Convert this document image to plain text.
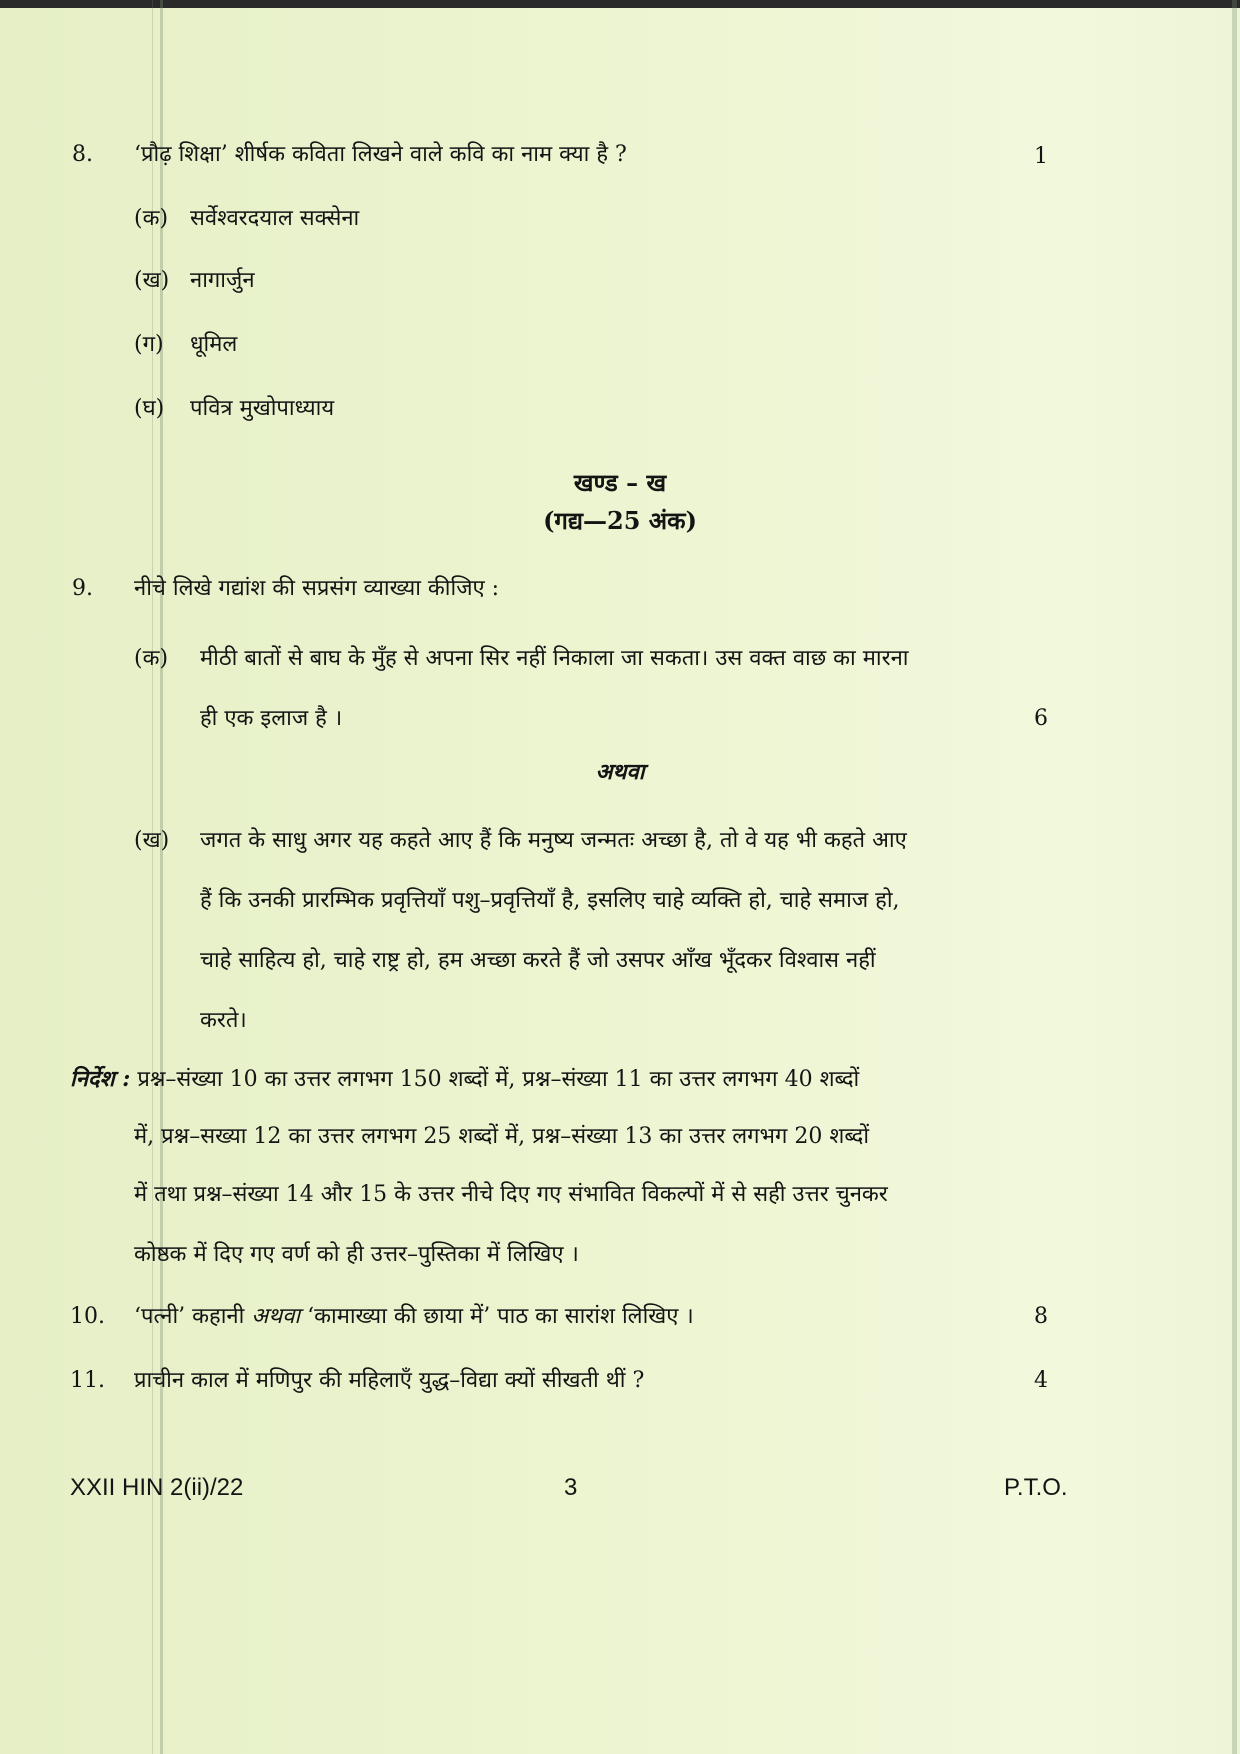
8. ‘प्रौढ़ शिक्षा’ शीर्षक कविता लिखने वाले कवि का नाम क्या है ?	1
(क) सर्वेश्वरदयाल सक्सेना
(ख) नागार्जुन
(ग) धूमिल
(घ) पवित्र मुखोपाध्याय
खण्ड – ख
(गद्य—25 अंक)
9. नीचे लिखे गद्यांश की सप्रसंग व्याख्या कीजिए :
(क) मीठी बातों से बाघ के मुँह से अपना सिर नहीं निकाला जा सकता। उस वक्त वाछ का मारना
ही एक इलाज है ।	6
अथवा
(ख) जगत के साधु अगर यह कहते आए हैं कि मनुष्य जन्मतः अच्छा है, तो वे यह भी कहते आए
हैं कि उनकी प्रारम्भिक प्रवृत्तियाँ पशु–प्रवृत्तियाँ है, इसलिए चाहे व्यक्ति हो, चाहे समाज हो,
चाहे साहित्य हो, चाहे राष्ट्र हो, हम अच्छा करते हैं जो उसपर आँख भूँदकर विश्वास नहीं
करते।
निर्देश : प्रश्न–संख्या 10 का उत्तर लगभग 150 शब्दों में, प्रश्न–संख्या 11 का उत्तर लगभग 40 शब्दों
में, प्रश्न–सख्या 12 का उत्तर लगभग 25 शब्दों में, प्रश्न–संख्या 13 का उत्तर लगभग 20 शब्दों
में तथा प्रश्न–संख्या 14 और 15 के उत्तर नीचे दिए गए संभावित विकल्पों में से सही उत्तर चुनकर
कोष्ठक में दिए गए वर्ण को ही उत्तर–पुस्तिका में लिखिए ।
10. ‘पत्नी’ कहानी अथवा ‘कामाख्या की छाया में’ पाठ का सारांश लिखिए ।	8
11. प्राचीन काल में मणिपुर की महिलाएँ युद्ध–विद्या क्यों सीखती थीं ?	4
XXII HIN 2(ii)/22	3	P.T.O.
